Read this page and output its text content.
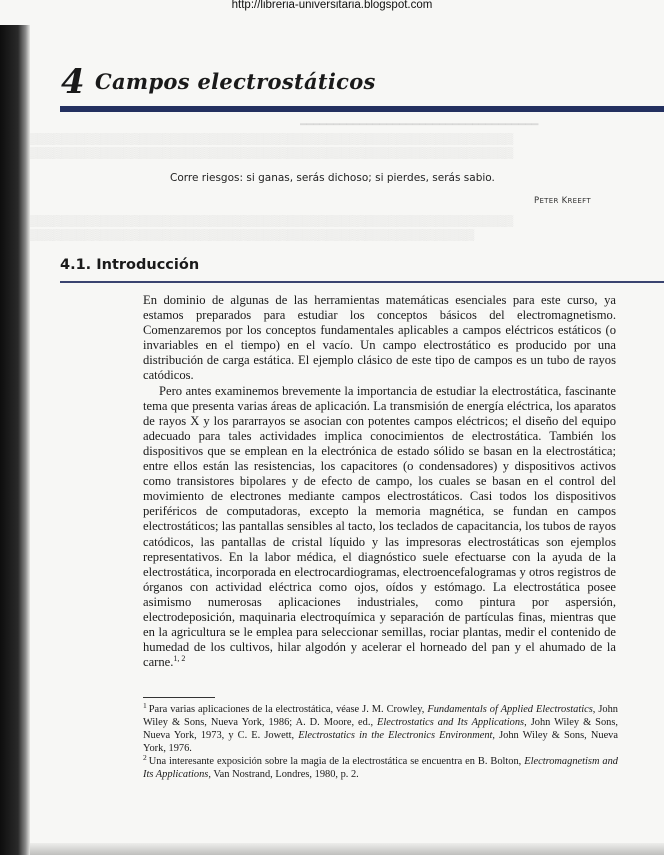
━━━━━━━━━━━━━━━━━━━━━━━━━━━━━━━━━━━━
▒▒▒▒▒▒▒▒▒▒▒▒▒▒▒▒▒▒▒▒▒▒▒▒▒▒▒▒▒▒▒▒▒▒▒▒▒▒▒▒▒▒▒▒▒▒▒▒▒▒▒▒▒▒▒▒▒▒▒▒▒▒
▒▒▒▒▒▒▒▒▒▒▒▒▒▒▒▒▒▒▒▒▒▒▒▒▒▒▒▒▒▒▒▒▒▒▒▒▒▒▒▒▒▒▒▒▒▒▒▒▒▒▒▒▒▒▒▒▒▒▒▒▒▒
▒▒▒▒▒▒▒▒▒▒▒▒▒▒▒▒▒▒▒▒▒▒▒▒▒▒▒▒▒▒▒▒▒▒▒▒▒▒▒▒▒▒▒▒▒▒▒▒▒▒▒▒▒▒▒▒▒▒▒▒▒▒
▒▒▒▒▒▒▒▒▒▒▒▒▒▒▒▒▒▒▒▒▒▒▒▒▒▒▒▒▒▒▒▒▒▒▒▒▒▒▒▒▒▒▒▒▒▒▒▒▒▒▒▒▒▒▒▒▒
http://libreria-universitaria.blogspot.com
4 Campos electrostáticos
Corre riesgos: si ganas, serás dichoso; si pierdes, serás sabio.
PETER KREEFT
4.1. Introducción

En dominio de algunas de las herramientas matemáticas esenciales para este curso, ya estamos preparados para estudiar los conceptos básicos del electromagnetismo. Comenzaremos por los conceptos fundamentales aplicables a campos eléctricos estáticos (o invariables en el tiempo) en el vacío. Un campo electrostático es producido por una distribución de carga estática. El ejemplo clásico de este tipo de campos es un tubo de rayos catódicos.

Pero antes examinemos brevemente la importancia de estudiar la electrostática, fascinante tema que presenta varias áreas de aplicación. La transmisión de energía eléctrica, los aparatos de rayos X y los pararrayos se asocian con potentes campos eléctricos; el diseño del equipo adecuado para tales actividades implica conocimientos de electrostática. También los dispositivos que se emplean en la electrónica de estado sólido se basan en la electrostática; entre ellos están las resistencias, los capacitores (o condensadores) y dispositivos activos como transistores bipolares y de efecto de campo, los cuales se basan en el control del movimiento de electrones mediante campos electrostáticos. Casi todos los dispositivos periféricos de computadoras, excepto la memoria magnética, se fundan en campos electrostáticos; las pantallas sensibles al tacto, los teclados de capacitancia, los tubos de rayos catódicos, las pantallas de cristal líquido y las impresoras electrostáticas son ejemplos representativos. En la labor médica, el diagnóstico suele efectuarse con la ayuda de la electrostática, incorporada en electrocardiogramas, electroencefalogramas y otros registros de órganos con actividad eléctrica como ojos, oídos y estómago. La electrostática posee asimismo numerosas aplicaciones industriales, como pintura por aspersión, electrodeposición, maquinaria electroquímica y separación de partículas finas, mientras que en la agricultura se le emplea para seleccionar semillas, rociar plantas, medir el contenido de humedad de los cultivos, hilar algodón y acelerar el horneado del pan y el ahumado de la carne.$^{1, 2}$

$^1$ Para varias aplicaciones de la electrostática, véase J. M. Crowley, Fundamentals of Applied Electrostatics, John Wiley & Sons, Nueva York, 1986; A. D. Moore, ed., Electrostatics and Its Applications, John Wiley & Sons, Nueva York, 1973, y C. E. Jowett, Electrostatics in the Electronics Environment, John Wiley & Sons, Nueva York, 1976.

$^2$ Una interesante exposición sobre la magia de la electrostática se encuentra en B. Bolton, Electromagnetism and Its Applications, Van Nostrand, Londres, 1980, p. 2.
